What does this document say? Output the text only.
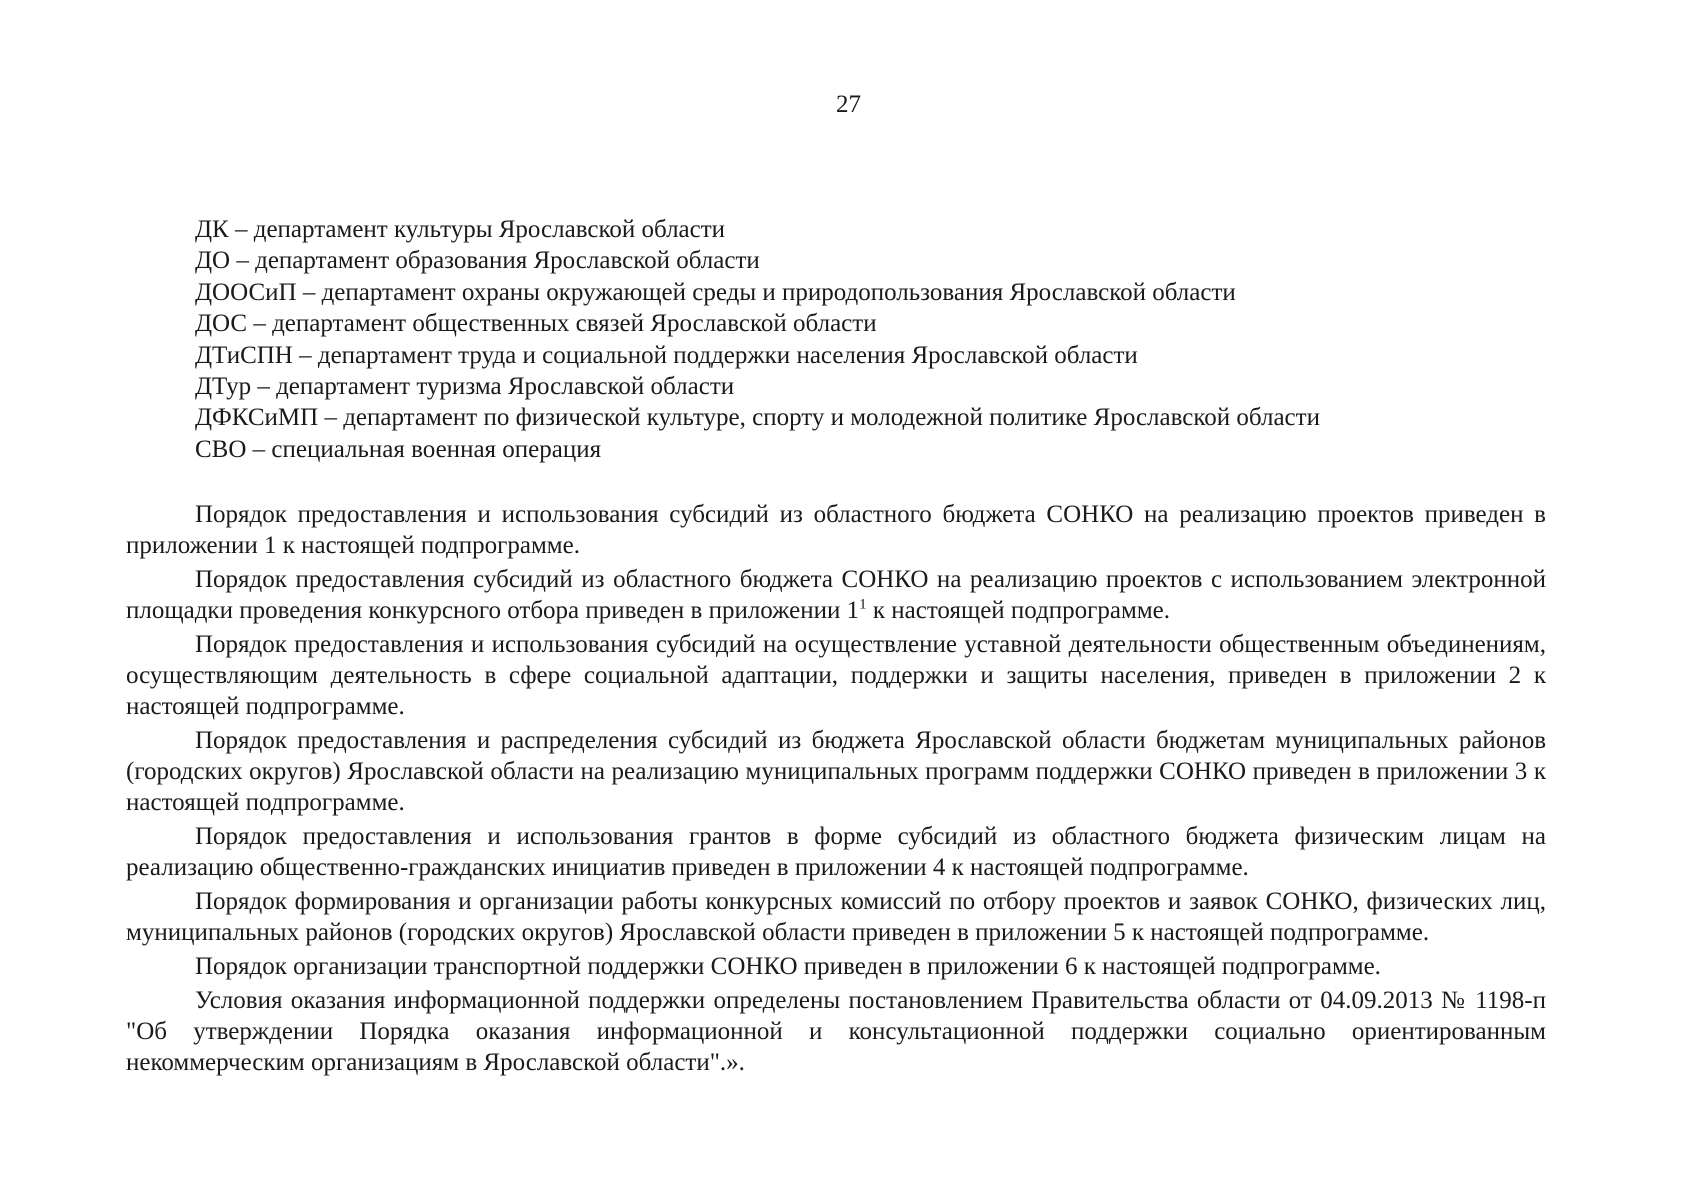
27
ДК – департамент культуры Ярославской области
ДО – департамент образования Ярославской области
ДООСиП – департамент охраны окружающей среды и природопользования Ярославской области
ДОС – департамент общественных связей Ярославской области
ДТиСПН – департамент труда и социальной поддержки населения Ярославской области
ДТур – департамент туризма Ярославской области
ДФКСиМП – департамент по физической культуре, спорту и молодежной политике Ярославской области
СВО – специальная военная операция

Порядок предоставления и использования субсидий из областного бюджета СОНКО на реализацию проектов приведен в приложении 1 к настоящей подпрограмме.

Порядок предоставления субсидий из областного бюджета СОНКО на реализацию проектов с использованием электронной площадки проведения конкурсного отбора приведен в приложении $1^1$ к настоящей подпрограмме.

Порядок предоставления и использования субсидий на осуществление уставной деятельности общественным объединениям, осуществляющим деятельность в сфере социальной адаптации, поддержки и защиты населения, приведен в приложении 2 к настоящей подпрограмме.

Порядок предоставления и распределения субсидий из бюджета Ярославской области бюджетам муниципальных районов (городских округов) Ярославской области на реализацию муниципальных программ поддержки СОНКО приведен в приложении 3 к настоящей подпрограмме.

Порядок предоставления и использования грантов в форме субсидий из областного бюджета физическим лицам на реализацию общественно-гражданских инициатив приведен в приложении 4 к настоящей подпрограмме.

Порядок формирования и организации работы конкурсных комиссий по отбору проектов и заявок СОНКО, физических лиц, муниципальных районов (городских округов) Ярославской области приведен в приложении 5 к настоящей подпрограмме.

Порядок организации транспортной поддержки СОНКО приведен в приложении 6 к настоящей подпрограмме.

Условия оказания информационной поддержки определены постановлением Правительства области от 04.09.2013 № 1198-п "Об утверждении Порядка оказания информационной и консультационной поддержки социально ориентированным некоммерческим организациям в Ярославской области".».
